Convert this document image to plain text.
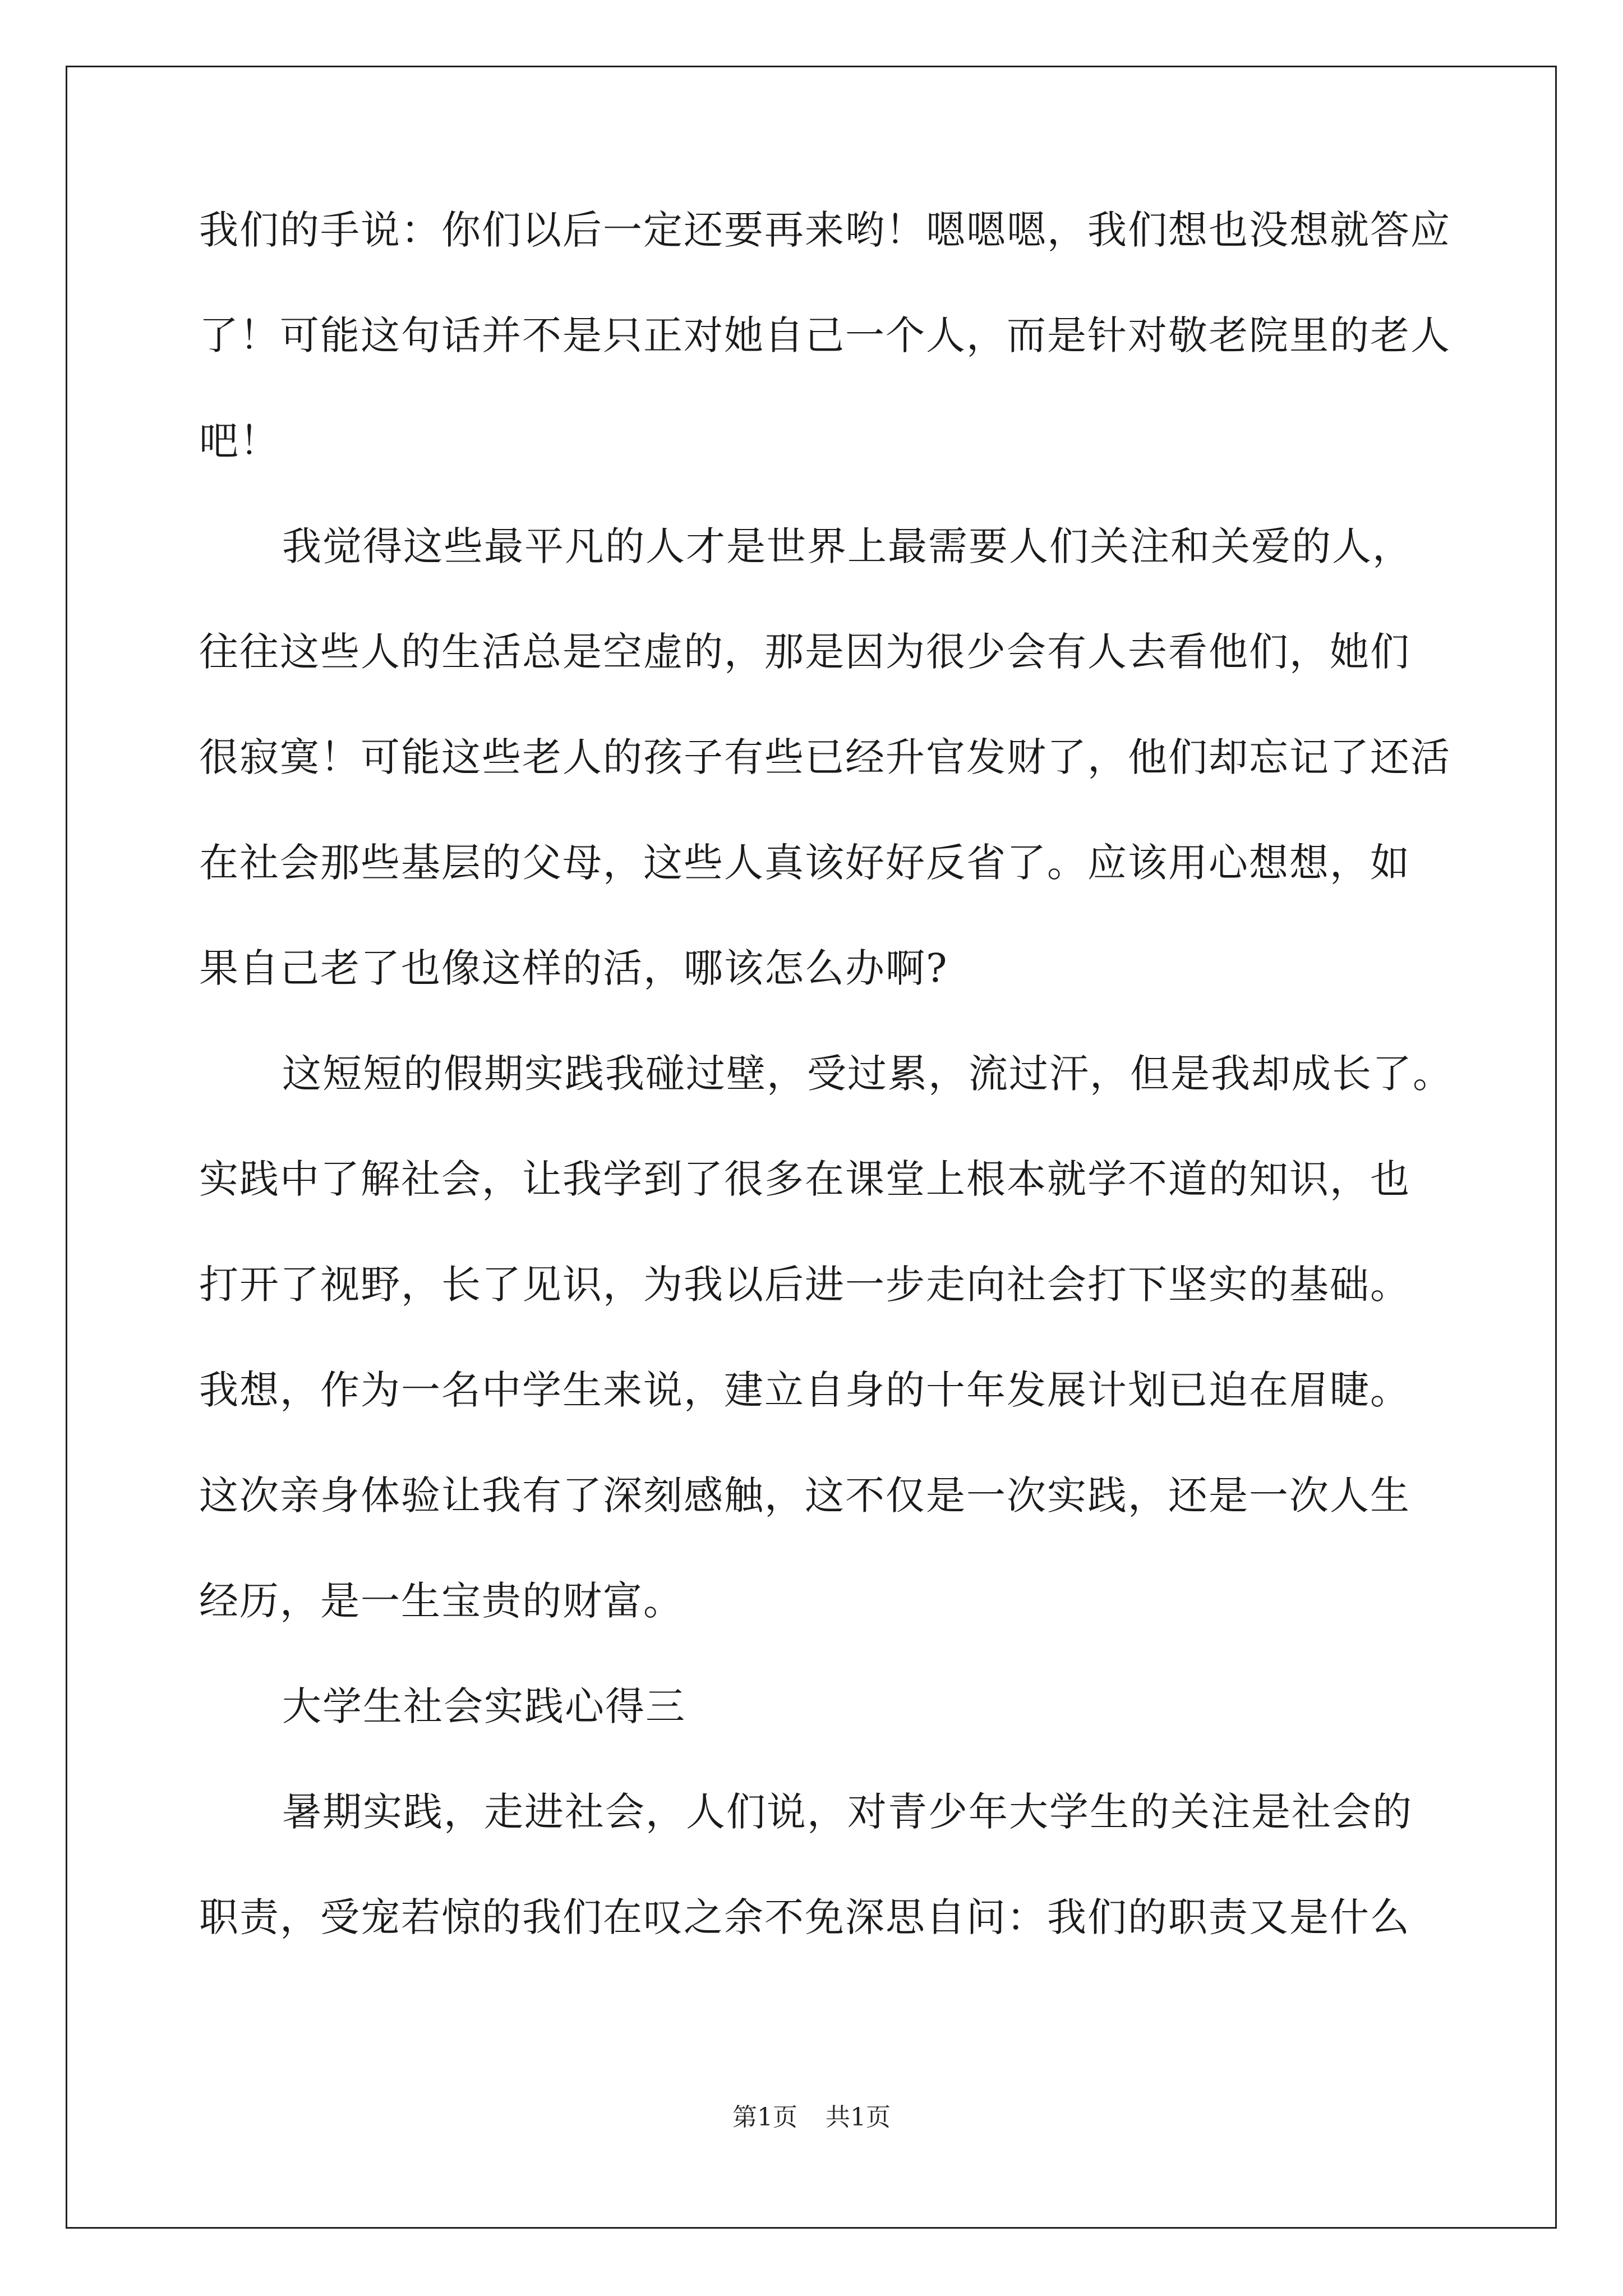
我们的手说：你们以后一定还要再来哟！嗯嗯嗯，我们想也没想就答应
了！可能这句话并不是只正对她自己一个人，而是针对敬老院里的老人
吧！
我觉得这些最平凡的人才是世界上最需要人们关注和关爱的人，
往往这些人的生活总是空虚的，那是因为很少会有人去看他们，她们
很寂寞！可能这些老人的孩子有些已经升官发财了，他们却忘记了还活
在社会那些基层的父母，这些人真该好好反省了。应该用心想想，如
果自己老了也像这样的活，哪该怎么办啊?
这短短的假期实践我碰过壁，受过累，流过汗，但是我却成长了。
实践中了解社会，让我学到了很多在课堂上根本就学不道的知识，也
打开了视野，长了见识，为我以后进一步走向社会打下坚实的基础。
我想，作为一名中学生来说，建立自身的十年发展计划已迫在眉睫。
这次亲身体验让我有了深刻感触，这不仅是一次实践，还是一次人生
经历，是一生宝贵的财富。
大学生社会实践心得三
暑期实践，走进社会，人们说，对青少年大学生的关注是社会的
职责，受宠若惊的我们在叹之余不免深思自问：我们的职责又是什么
第1页 共1页
